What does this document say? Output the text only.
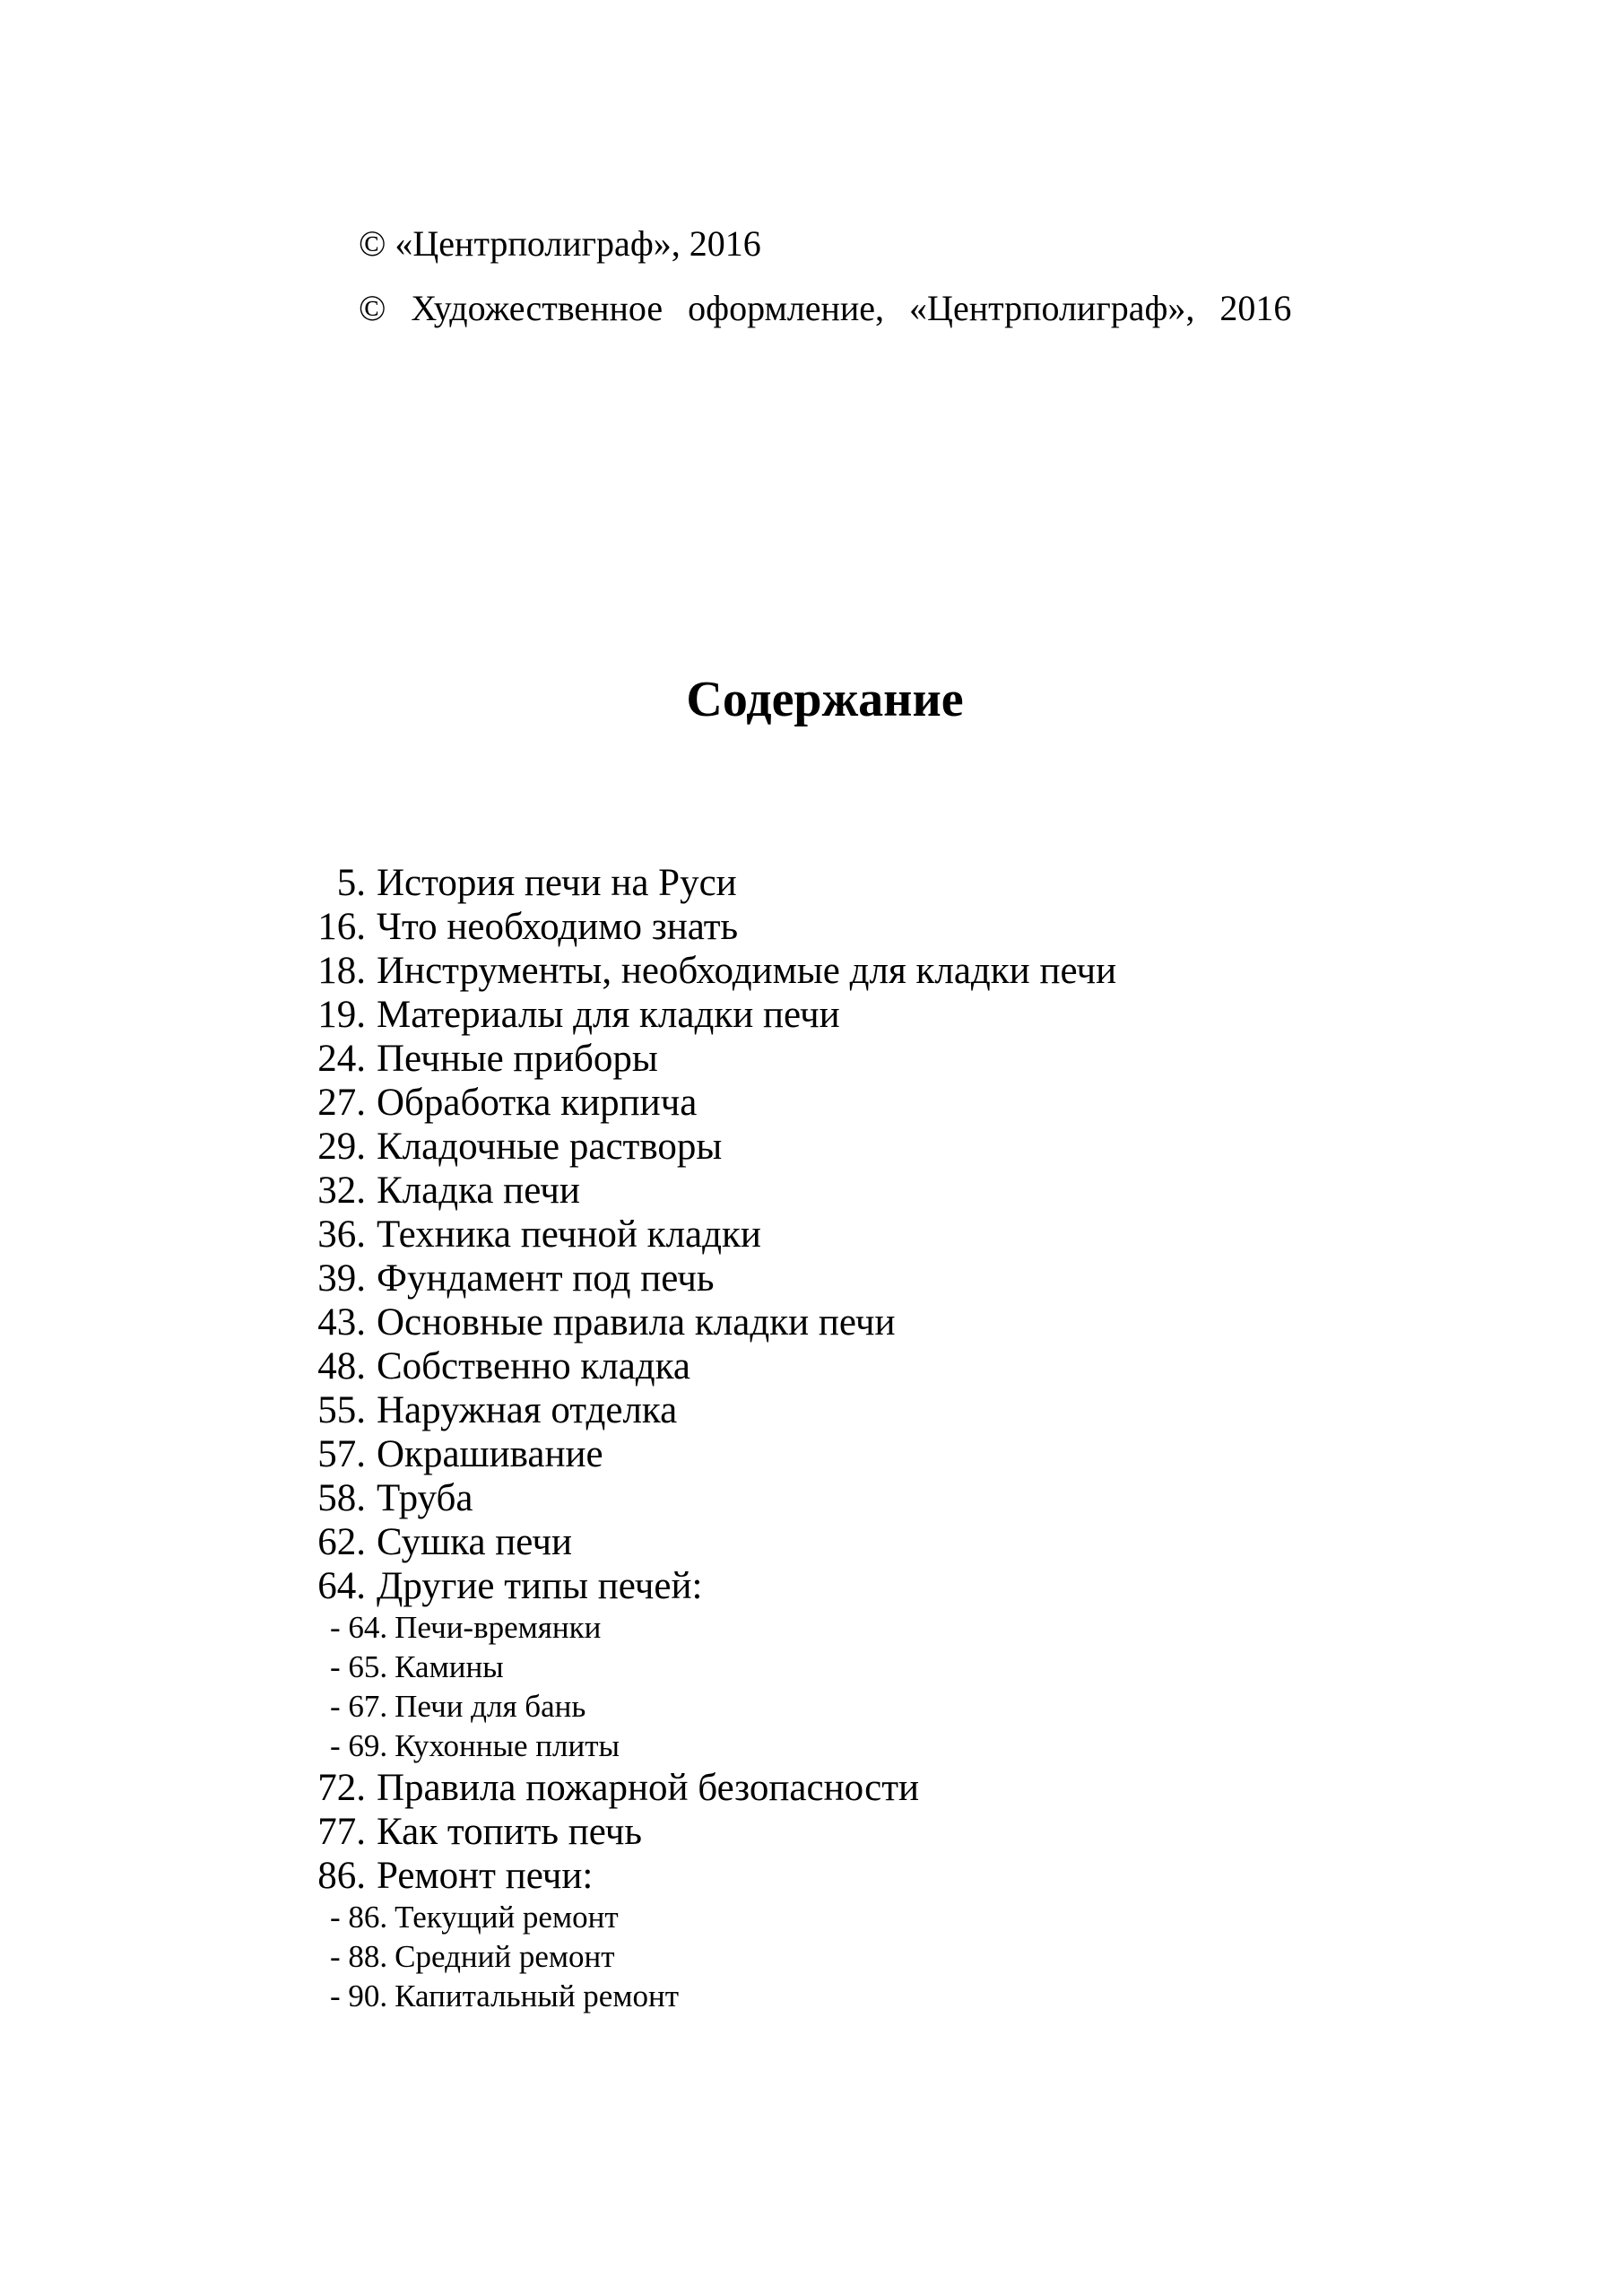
© «Центрполиграф», 2016
© Художественное оформление, «Центрполиграф», 2016
Содержание
5. История печи на Руси
16. Что необходимо знать
18. Инструменты, необходимые для кладки печи
19. Материалы для кладки печи
24. Печные приборы
27. Обработка кирпича
29. Кладочные растворы
32. Кладка печи
36. Техника печной кладки
39. Фундамент под печь
43. Основные правила кладки печи
48. Собственно кладка
55. Наружная отделка
57. Окрашивание
58. Труба
62. Сушка печи
64. Другие типы печей:
- 64. Печи-времянки
- 65. Камины
- 67. Печи для бань
- 69. Кухонные плиты
72. Правила пожарной безопасности
77. Как топить печь
86. Ремонт печи:
- 86. Текущий ремонт
- 88. Средний ремонт
- 90. Капитальный ремонт
